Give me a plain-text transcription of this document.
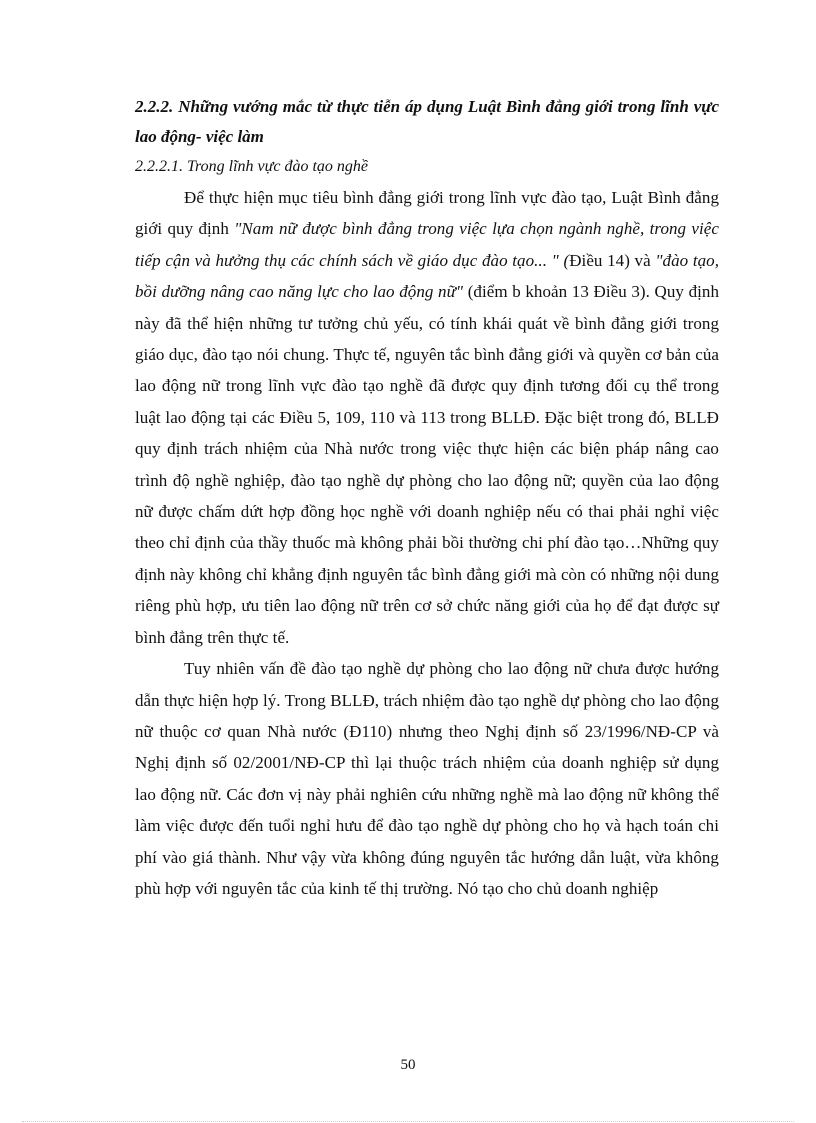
2.2.2. Những vướng mắc từ thực tiễn áp dụng Luật Bình đẳng giới trong lĩnh vực lao động- việc làm

2.2.2.1. Trong lĩnh vực đào tạo nghề

Để thực hiện mục tiêu bình đẳng giới trong lĩnh vực đào tạo, Luật Bình đẳng giới quy định "Nam nữ được bình đẳng trong việc lựa chọn ngành nghề, trong việc tiếp cận và hưởng thụ các chính sách về giáo dục đào tạo... " (Điều 14) và "đào tạo, bồi dưỡng nâng cao năng lực cho lao động nữ" (điểm b khoản 13 Điều 3). Quy định này đã thể hiện những tư tưởng chủ yếu, có tính khái quát về bình đẳng giới trong giáo dục, đào tạo nói chung. Thực tế, nguyên tắc bình đẳng giới và quyền cơ bản của lao động nữ trong lĩnh vực đào tạo nghề đã được quy định tương đối cụ thể trong luật lao động tại các Điều 5, 109, 110 và 113 trong BLLĐ. Đặc biệt trong đó, BLLĐ quy định trách nhiệm của Nhà nước trong việc thực hiện các biện pháp nâng cao trình độ nghề nghiệp, đào tạo nghề dự phòng cho lao động nữ; quyền của lao động nữ được chấm dứt hợp đồng học nghề với doanh nghiệp nếu có thai phải nghỉ việc theo chỉ định của thầy thuốc mà không phải bồi thường chi phí đào tạo…Những quy định này không chỉ khẳng định nguyên tắc bình đẳng giới mà còn có những nội dung riêng phù hợp, ưu tiên lao động nữ trên cơ sở chức năng giới của họ để đạt được sự bình đẳng trên thực tế.

Tuy nhiên vấn đề đào tạo nghề dự phòng cho lao động nữ chưa được hướng dẫn thực hiện hợp lý. Trong BLLĐ, trách nhiệm đào tạo nghề dự phòng cho lao động nữ thuộc cơ quan Nhà nước (Đ110) nhưng theo Nghị định số 23/1996/NĐ-CP và Nghị định số 02/2001/NĐ-CP thì lại thuộc trách nhiệm của doanh nghiệp sử dụng lao động nữ. Các đơn vị này phải nghiên cứu những nghề mà lao động nữ không thể làm việc được đến tuổi nghỉ hưu để đào tạo nghề dự phòng cho họ và hạch toán chi phí vào giá thành. Như vậy vừa không đúng nguyên tắc hướng dẫn luật, vừa không phù hợp với nguyên tắc của kinh tế thị trường. Nó tạo cho chủ doanh nghiệp

50
